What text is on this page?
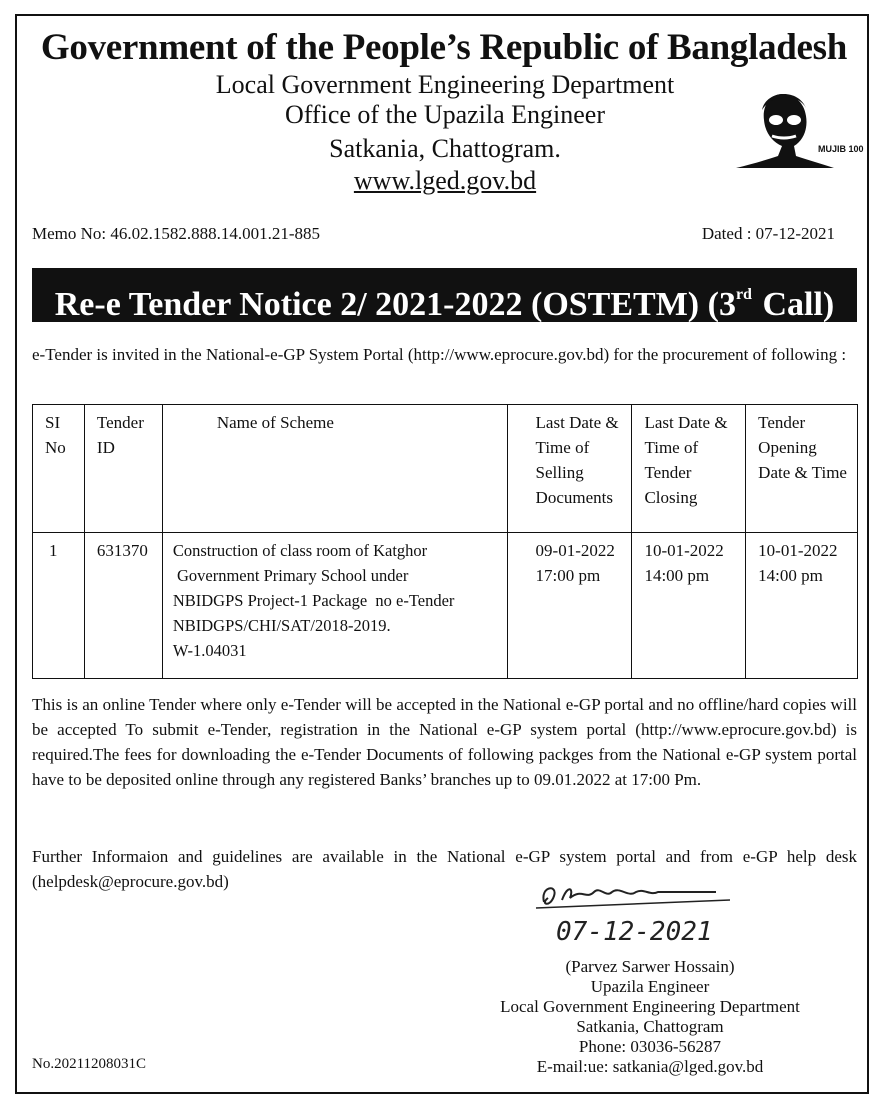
Government of the People’s Republic of Bangladesh
Local Government Engineering Department
Office of the Upazila Engineer
Satkania, Chattogram.
www.lged.gov.bd
MUJIB 100
Memo No: 46.02.1582.888.14.001.21-885	Dated : 07-12-2021
Re-e Tender Notice 2/ 2021-2022 (OSTETM) (3rd Call)
e-Tender is invited in the National-e-GP System Portal (http://www.eprocure.gov.bd) for the procurement of following :
SI No	Tender ID	Name of Scheme	Last Date & Time of Selling Documents	Last Date & Time of Tender Closing	Tender Opening Date & Time
1	631370	Construction of class room of Katghor
Government Primary School under
NBIDGPS Project-1 Package  no e-Tender
NBIDGPS/CHI/SAT/2018-2019.
W-1.04031	09-01-2022 17:00 pm	10-01-2022 14:00 pm	10-01-2022 14:00 pm
This is an online Tender where only e-Tender will be accepted in the National e-GP portal and no offline/hard copies will be accepted To submit e-Tender, registration in the National e-GP system portal (http://www.eprocure.gov.bd) is required.The fees for downloading the e-Tender Documents of following packges from the National e-GP system portal have to be deposited online through any registered Banks’ branches up to 09.01.2022 at 17:00 Pm.
Further Informaion and guidelines are available in the National e-GP system portal and from e-GP help desk (helpdesk@eprocure.gov.bd)
07-12-2021
(Parvez Sarwer Hossain)
Upazila Engineer
Local Government Engineering Department
Satkania, Chattogram
Phone: 03036-56287
E-mail:ue: satkania@lged.gov.bd
No.20211208031C
